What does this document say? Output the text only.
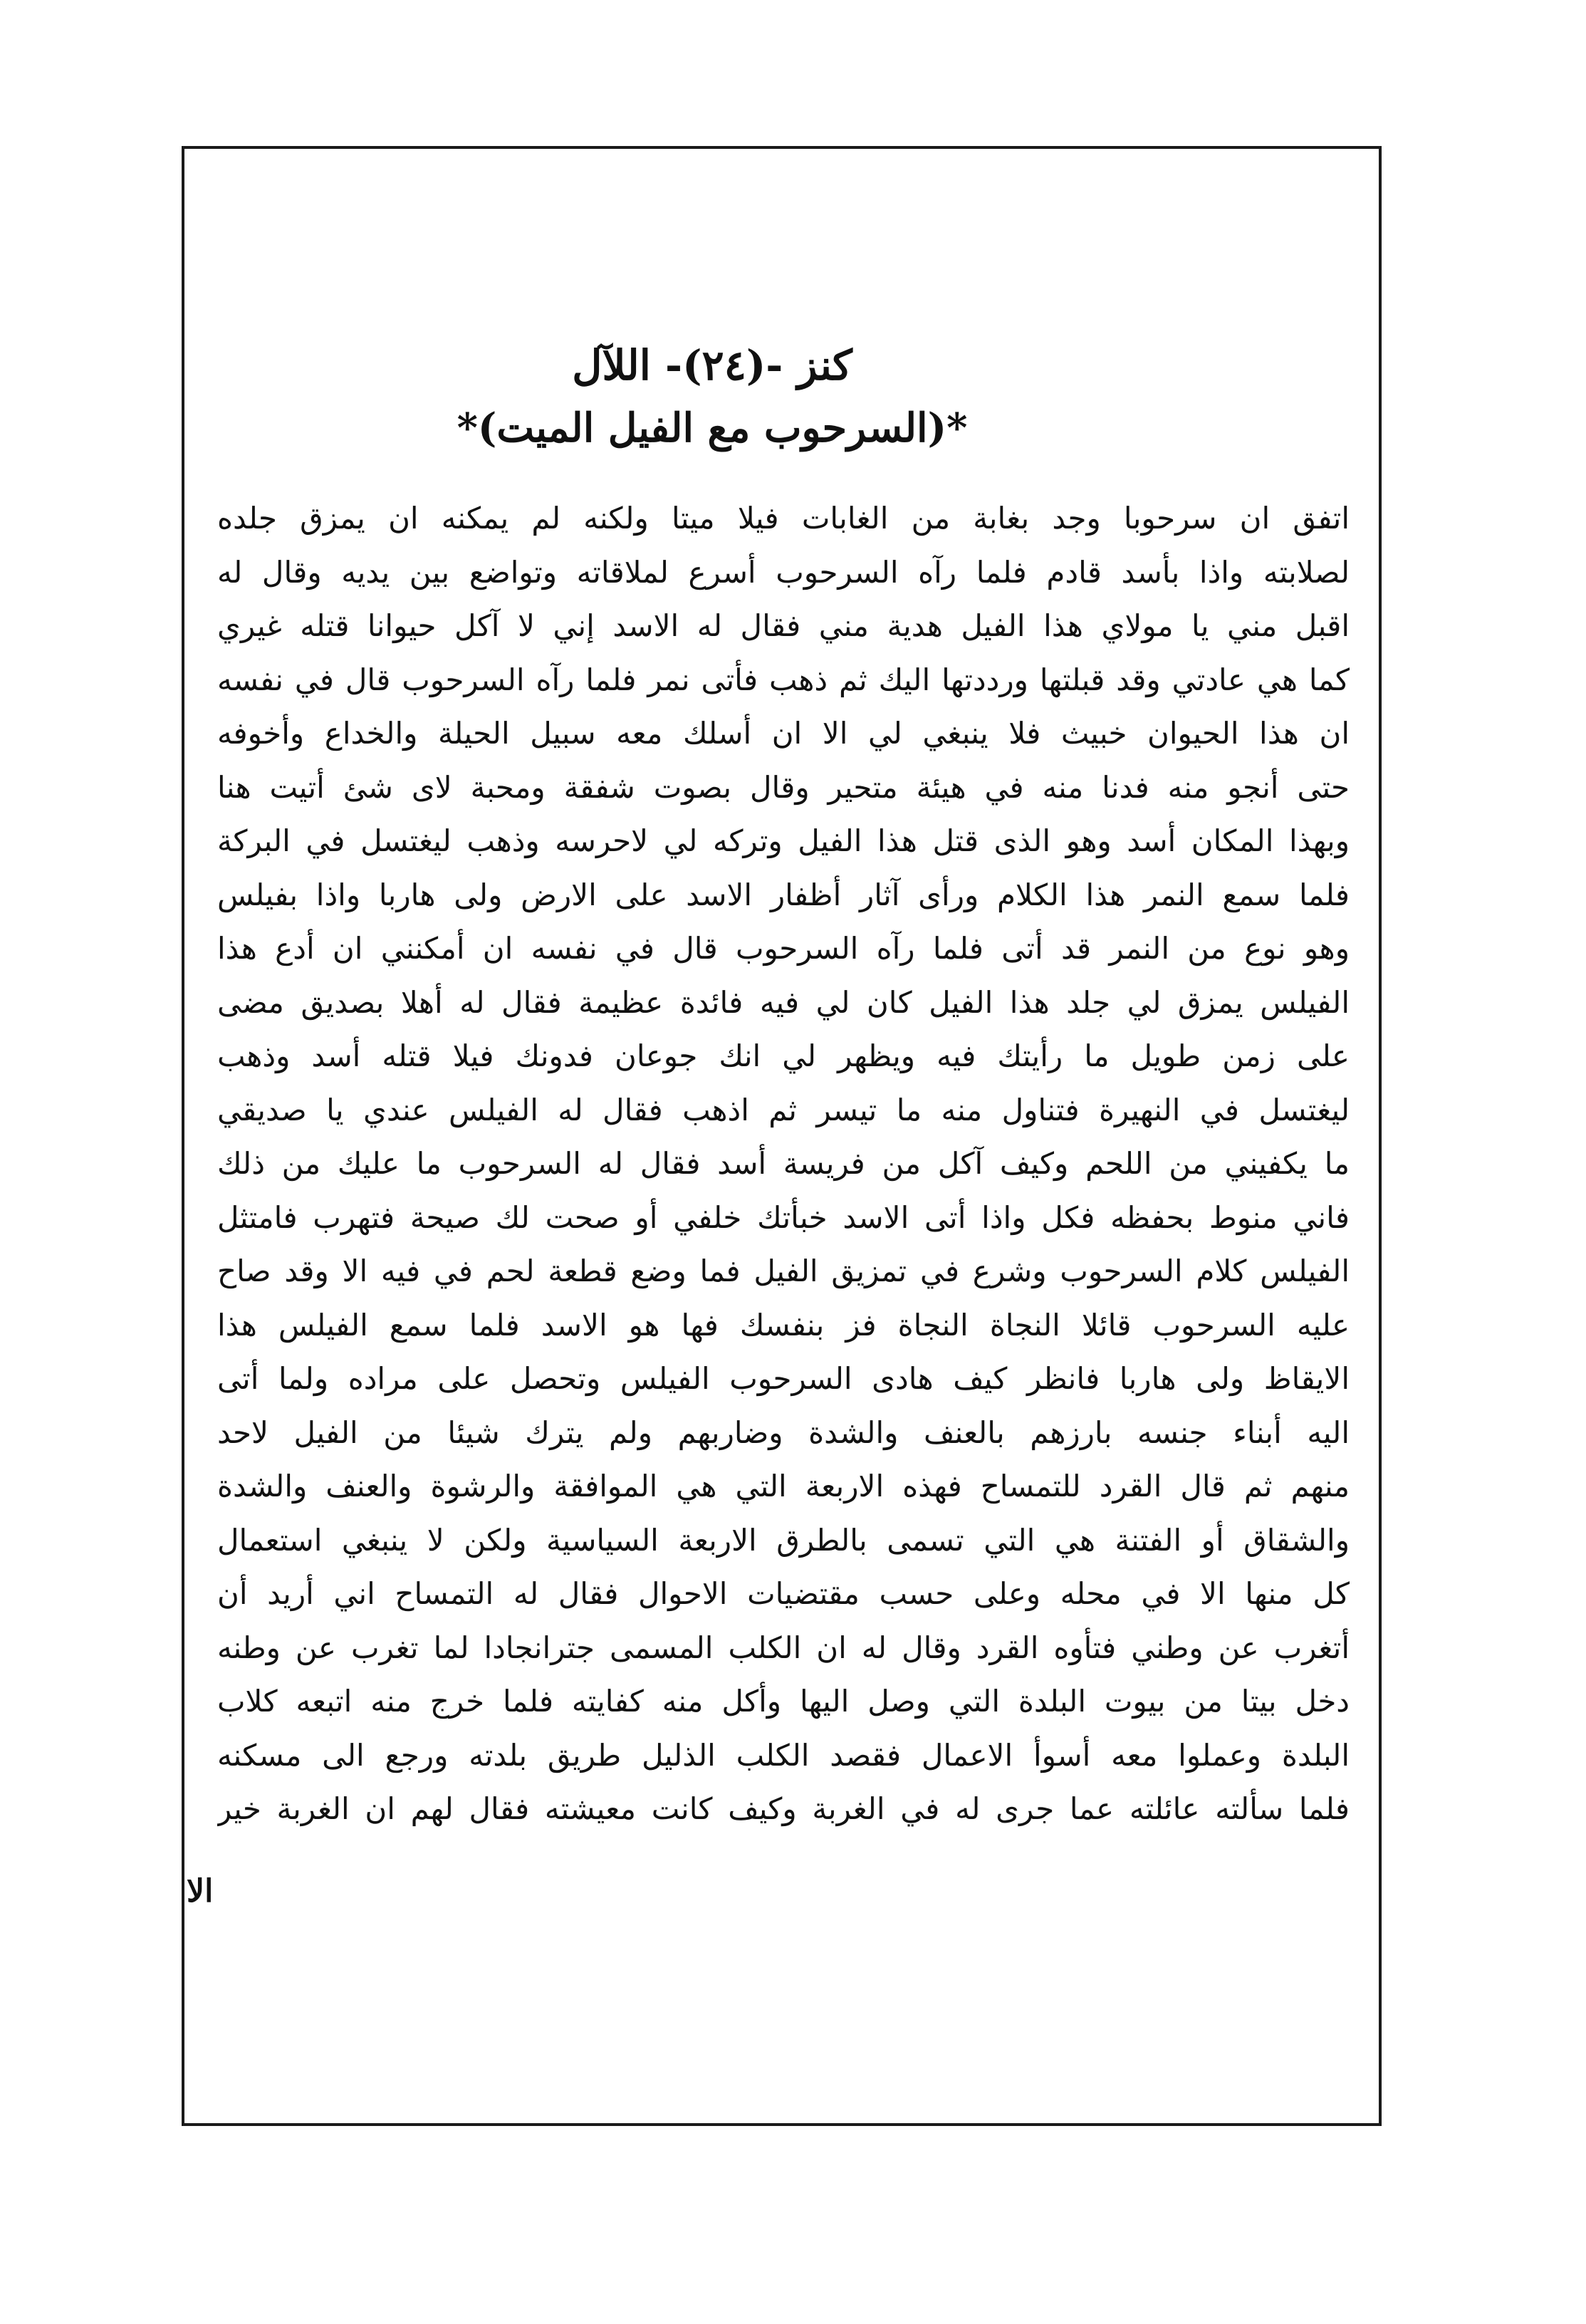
كنز -(٢٤)- اللآل
*(السرحوب مع الفيل الميت)*
اتفق ان سرحوبا وجد بغابة من الغابات فيلا ميتا ولكنه لم يمكنه ان يمزق جلده
لصلابته واذا بأسد قادم فلما رآه السرحوب أسرع لملاقاته وتواضع بين يديه وقال له
اقبل مني يا مولاي هذا الفيل هدية مني فقال له الاسد إني لا آكل حيوانا قتله غيري
كما هي عادتي وقد قبلتها ورددتها اليك ثم ذهب فأتى نمر فلما رآه السرحوب قال في نفسه
ان هذا الحيوان خبيث فلا ينبغي لي الا ان أسلك معه سبيل الحيلة والخداع وأخوفه
حتى أنجو منه فدنا منه في هيئة متحير وقال بصوت شفقة ومحبة لاى شئ أتيت هنا
وبهذا المكان أسد وهو الذى قتل هذا الفيل وتركه لي لاحرسه وذهب ليغتسل في البركة
فلما سمع النمر هذا الكلام ورأى آثار أظفار الاسد على الارض ولى هاربا واذا بفيلس
وهو نوع من النمر قد أتى فلما رآه السرحوب قال في نفسه ان أمكنني ان أدع هذا
الفيلس يمزق لي جلد هذا الفيل كان لي فيه فائدة عظيمة فقال له أهلا بصديق مضى
على زمن طويل ما رأيتك فيه ويظهر لي انك جوعان فدونك فيلا قتله أسد وذهب
ليغتسل في النهيرة فتناول منه ما تيسر ثم اذهب فقال له الفيلس عندي يا صديقي
ما يكفيني من اللحم وكيف آكل من فريسة أسد فقال له السرحوب ما عليك من ذلك
فاني منوط بحفظه فكل واذا أتى الاسد خبأتك خلفي أو صحت لك صيحة فتهرب فامتثل
الفيلس كلام السرحوب وشرع في تمزيق الفيل فما وضع قطعة لحم في فيه الا وقد صاح
عليه السرحوب قائلا النجاة النجاة فز بنفسك فها هو الاسد فلما سمع الفيلس هذا
الايقاظ ولى هاربا فانظر كيف هادى السرحوب الفيلس وتحصل على مراده ولما أتى
اليه أبناء جنسه بارزهم بالعنف والشدة وضاربهم ولم يترك شيئا من الفيل لاحد
منهم ثم قال القرد للتمساح فهذه الاربعة التي هي الموافقة والرشوة والعنف والشدة
والشقاق أو الفتنة هي التي تسمى بالطرق الاربعة السياسية ولكن لا ينبغي استعمال
كل منها الا في محله وعلى حسب مقتضيات الاحوال فقال له التمساح اني أريد أن
أتغرب عن وطني فتأوه القرد وقال له ان الكلب المسمى جترانجادا لما تغرب عن وطنه
دخل بيتا من بيوت البلدة التي وصل اليها وأكل منه كفايته فلما خرج منه اتبعه كلاب
البلدة وعملوا معه أسوأ الاعمال فقصد الكلب الذليل طريق بلدته ورجع الى مسكنه
فلما سألته عائلته عما جرى له في الغربة وكيف كانت معيشته فقال لهم ان الغربة خير
الا
